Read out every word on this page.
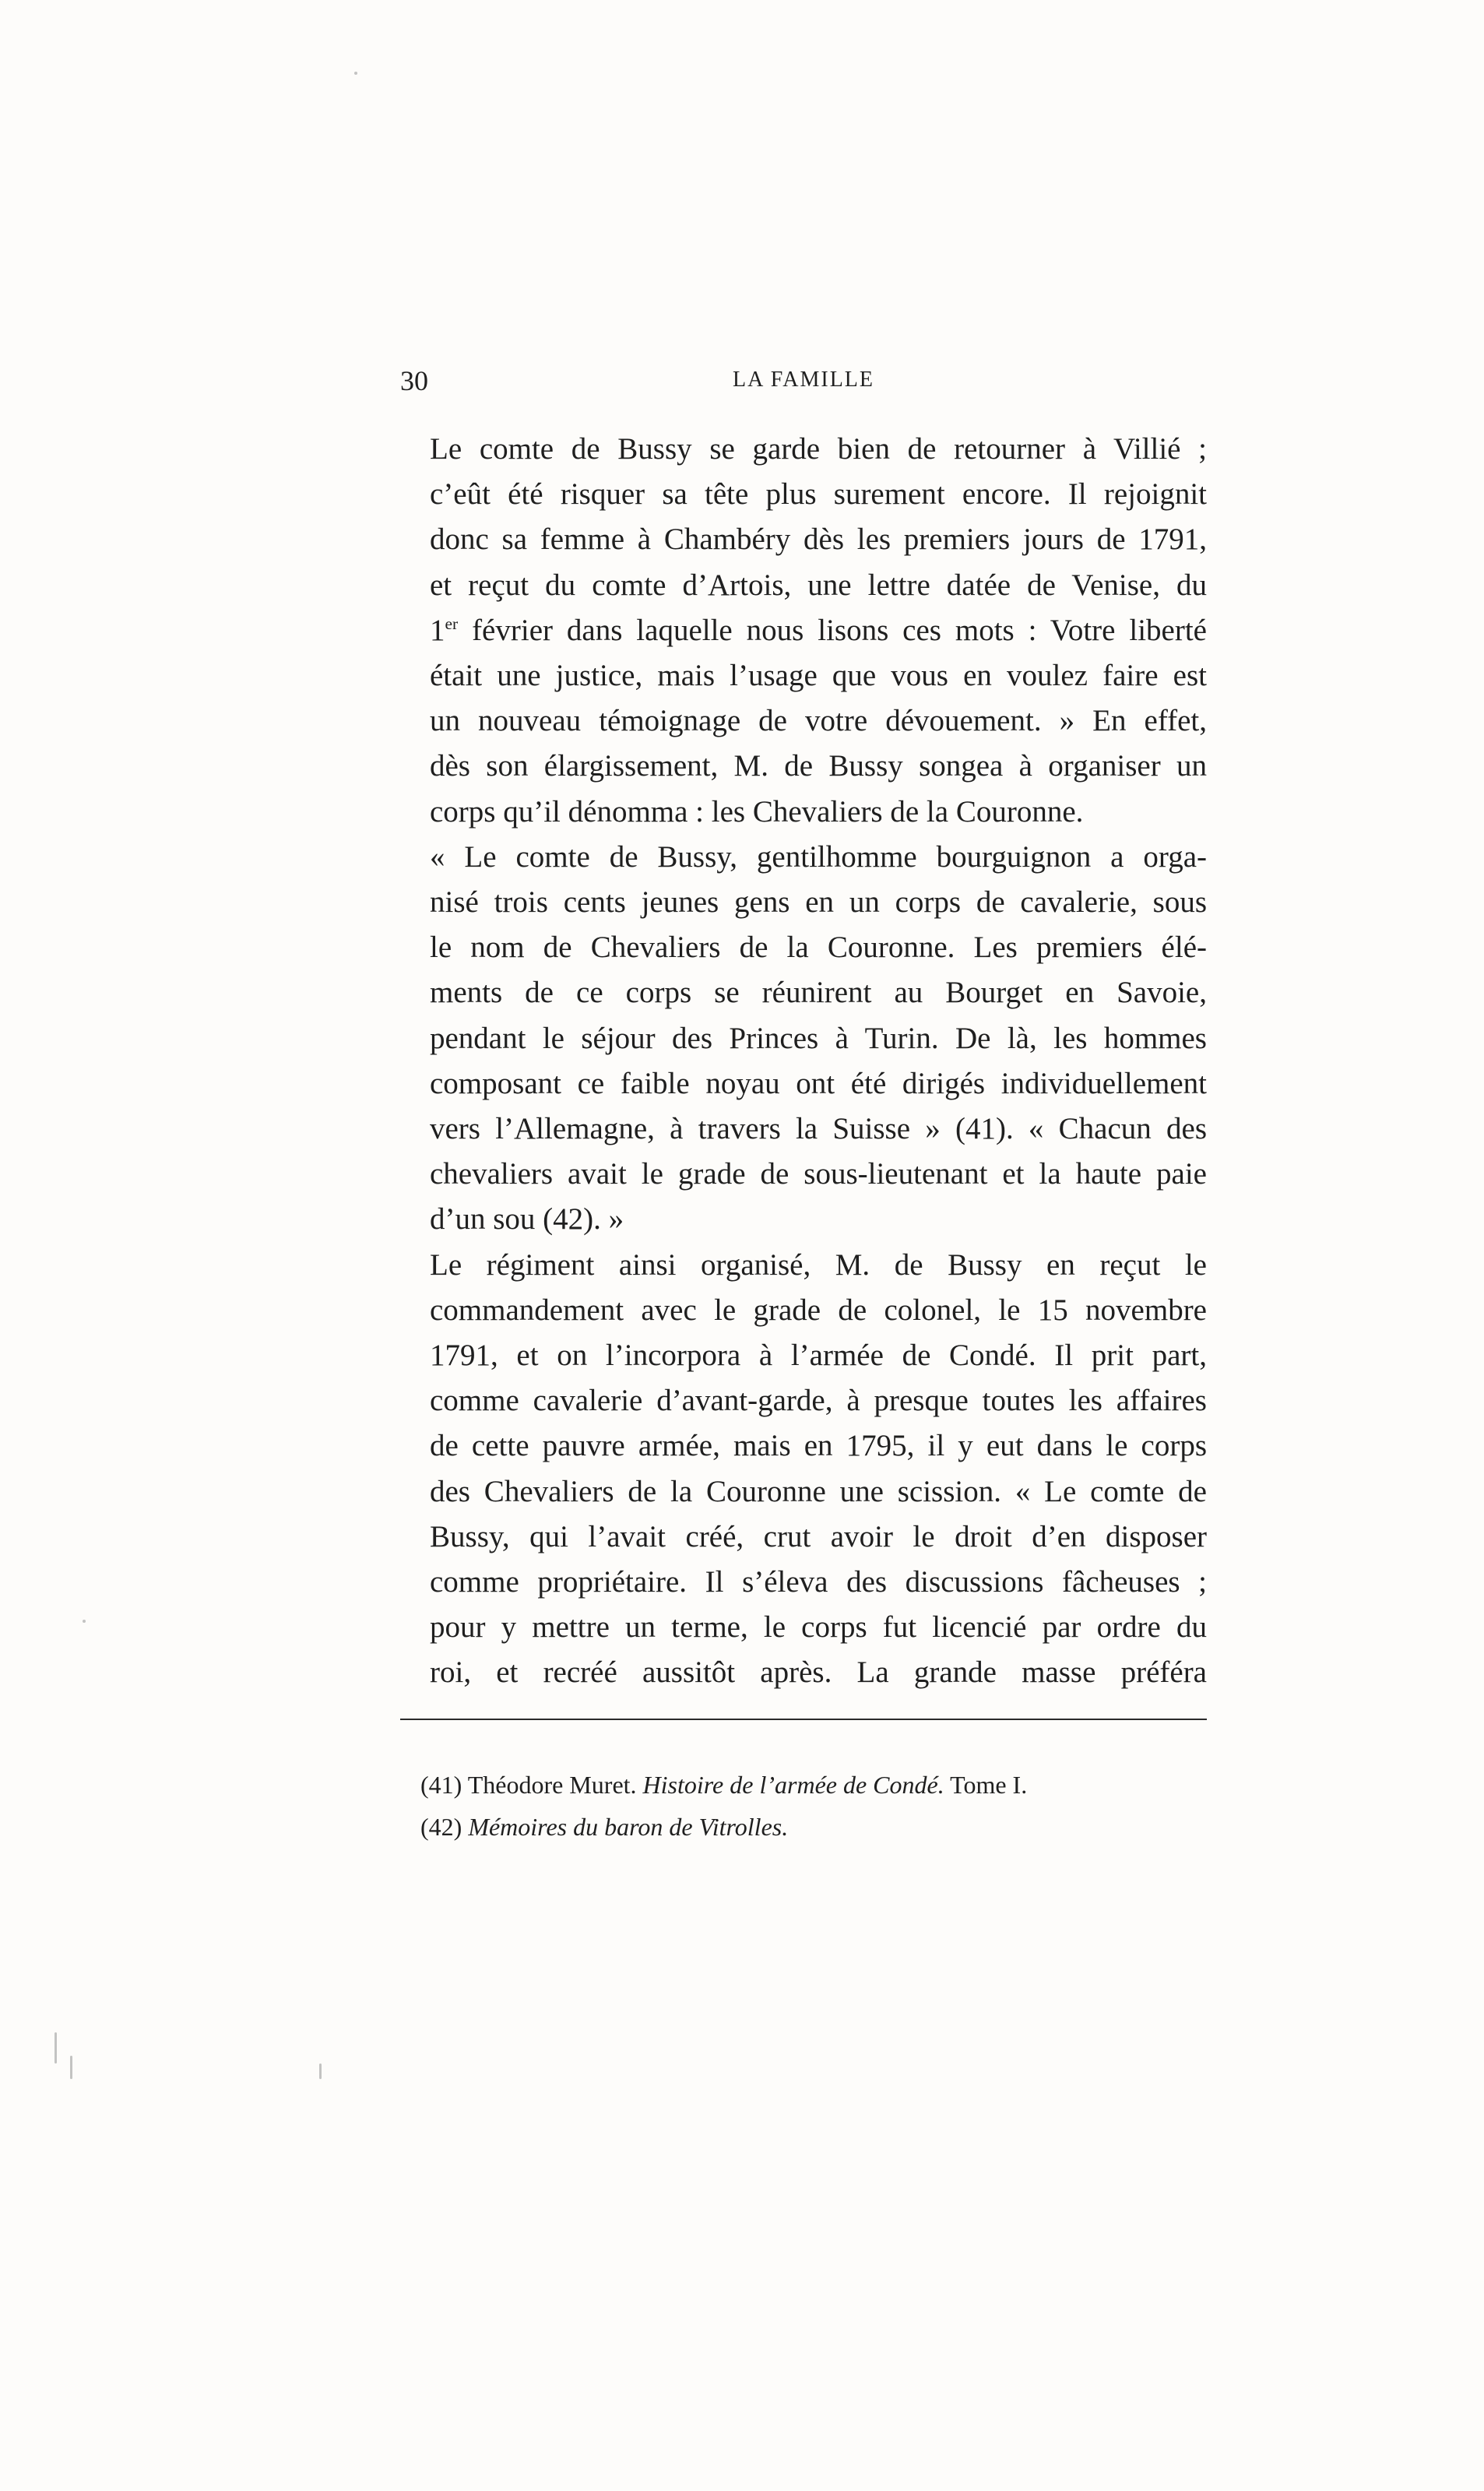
30	LA FAMILLE

Le comte de Bussy se garde bien de retourner à Villié ;
c’eût été risquer sa tête plus surement encore. Il rejoignit
donc sa femme à Chambéry dès les premiers jours de 1791,
et reçut du comte d’Artois, une lettre datée de Venise, du
1er février dans laquelle nous lisons ces mots : Votre liberté
était une justice, mais l’usage que vous en voulez faire est
un nouveau témoignage de votre dévouement. » En effet,
dès son élargissement, M. de Bussy songea à organiser un
corps qu’il dénomma : les Chevaliers de la Couronne.

« Le comte de Bussy, gentilhomme bourguignon a orga-
nisé trois cents jeunes gens en un corps de cavalerie, sous
le nom de Chevaliers de la Couronne. Les premiers élé-
ments de ce corps se réunirent au Bourget en Savoie,
pendant le séjour des Princes à Turin. De là, les hommes
composant ce faible noyau ont été dirigés individuellement
vers l’Allemagne, à travers la Suisse » (41). « Chacun des
chevaliers avait le grade de sous-lieutenant et la haute paie
d’un sou (42). »

Le régiment ainsi organisé, M. de Bussy en reçut le
commandement avec le grade de colonel, le 15 novembre
1791, et on l’incorpora à l’armée de Condé. Il prit part,
comme cavalerie d’avant-garde, à presque toutes les affaires
de cette pauvre armée, mais en 1795, il y eut dans le corps
des Chevaliers de la Couronne une scission. « Le comte de
Bussy, qui l’avait créé, crut avoir le droit d’en disposer
comme propriétaire. Il s’éleva des discussions fâcheuses ;
pour y mettre un terme, le corps fut licencié par ordre du
roi, et recréé aussitôt après. La grande masse préféra

(41) Théodore Muret. Histoire de l’armée de Condé. Tome I.
(42) Mémoires du baron de Vitrolles.
